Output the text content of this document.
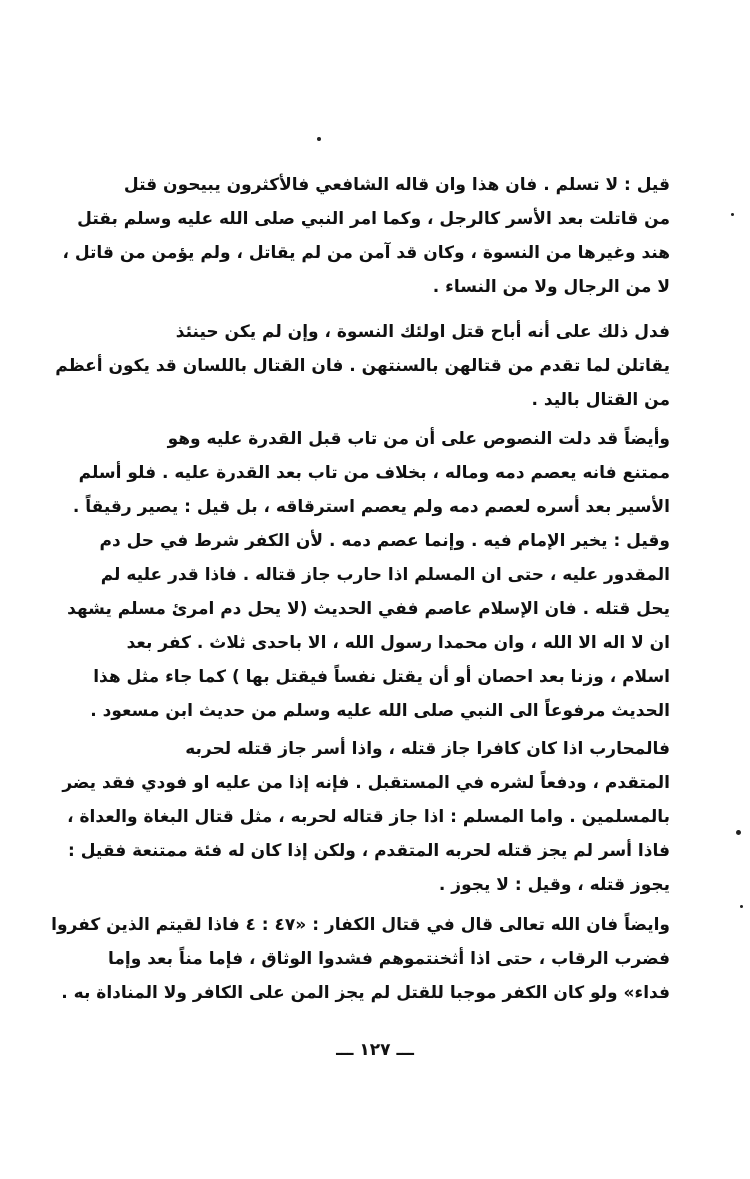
قيل : لا تسلم . فان هذا وان قاله الشافعي فالأكثرون يبيحون قتل
من قاتلت بعد الأسر كالرجل ، وكما امر النبي صلى الله عليه وسلم بقتل
هند وغيرها من النسوة ، وكان قد آمن من لم يقاتل ، ولم يؤمن من قاتل ،
لا من الرجال ولا من النساء .
فدل ذلك على أنه أباح قتل اولئك النسوة ، وإن لم يكن حينئذ
يقاتلن لما تقدم من قتالهن بالسنتهن . فان القتال باللسان قد يكون أعظم
من القتال باليد .
وأيضاً قد دلت النصوص على أن من تاب قبل القدرة عليه وهو
ممتنع فانه يعصم دمه وماله ، بخلاف من تاب بعد القدرة عليه . فلو أسلم
الأسير بعد أسره لعصم دمه ولم يعصم استرقاقه ، بل قيل : يصير رقيقاً .
وقيل : يخير الإمام فيه . وإنما عصم دمه . لأن الكفر شرط في حل دم
المقدور عليه ، حتى ان المسلم اذا حارب جاز قتاله . فاذا قدر عليه لم
يحل قتله . فان الإسلام عاصم ففي الحديث (لا يحل دم امرئ مسلم يشهد
ان لا اله الا الله ، وان محمدا رسول الله ، الا باحدى ثلاث . كفر بعد
اسلام ، وزنا بعد احصان أو أن يقتل نفساً فيقتل بها ) كما جاء مثل هذا
الحديث مرفوعاً الى النبي صلى الله عليه وسلم من حديث ابن مسعود .
فالمحارب اذا كان كافرا جاز قتله ، واذا أسر جاز قتله لحربه
المتقدم ، ودفعاً لشره في المستقبل . فإنه إذا من عليه او فودي فقد يضر
بالمسلمين . واما المسلم : اذا جاز قتاله لحربه ، مثل قتال البغاة والعداة ،
فاذا أسر لم يجز قتله لحربه المتقدم ، ولكن إذا كان له فئة ممتنعة فقيل :
يجوز قتله ، وقيل : لا يجوز .
وايضاً فان الله تعالى قال في قتال الكفار : «٤٧ : ٤ فاذا لقيتم الذين كفروا
فضرب الرقاب ، حتى اذا أثخنتموهم فشدوا الوثاق ، فإما مناً بعد وإما
فداء» ولو كان الكفر موجبا للقتل لم يجز المن على الكافر ولا المناداة به .
ـــ ١٢٧ ـــ
